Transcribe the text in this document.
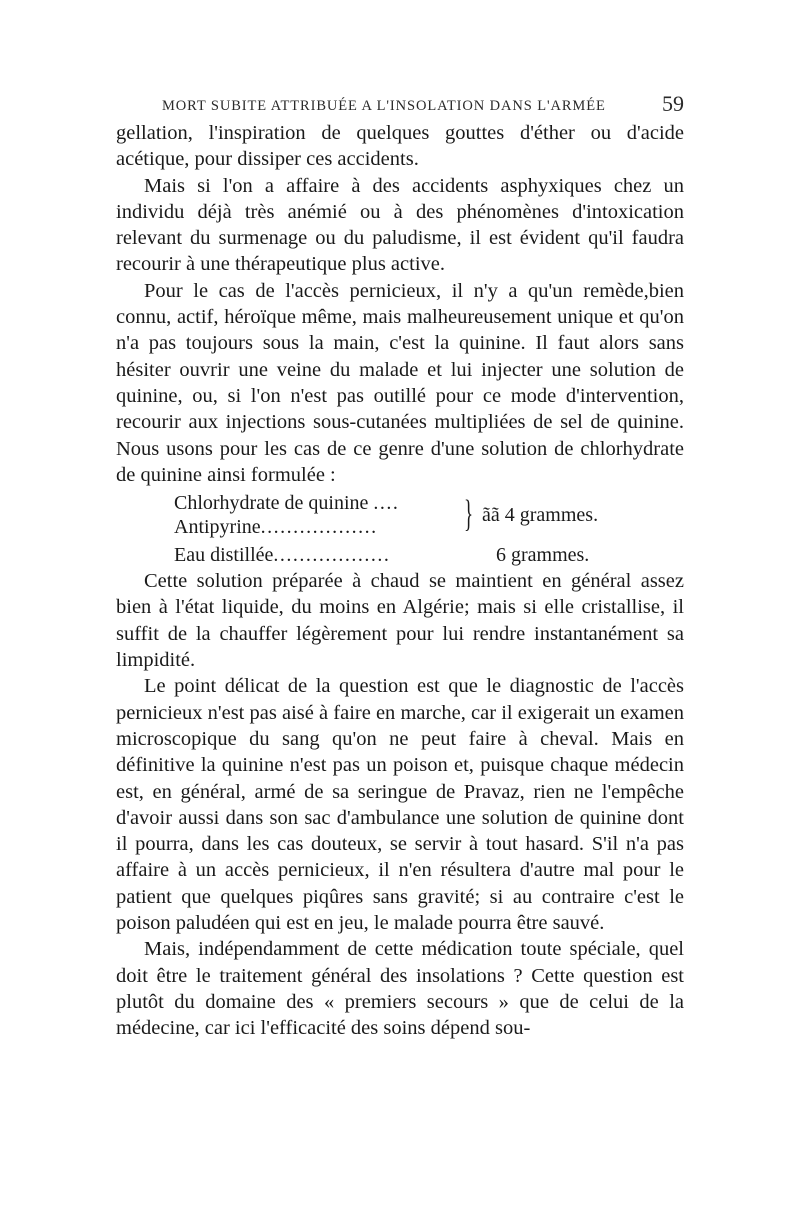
MORT SUBITE ATTRIBUÉE A L'INSOLATION DANS L'ARMÉE	59

gellation, l'inspiration de quelques gouttes d'éther ou d'acide acétique, pour dissiper ces accidents.

Mais si l'on a affaire à des accidents asphyxiques chez un individu déjà très anémié ou à des phénomènes d'intoxication relevant du surmenage ou du paludisme, il est évident qu'il faudra recourir à une thérapeutique plus active.

Pour le cas de l'accès pernicieux, il n'y a qu'un remède,bien connu, actif, héroïque même, mais malheureusement unique et qu'on n'a pas toujours sous la main, c'est la quinine. Il faut alors sans hésiter ouvrir une veine du malade et lui injecter une solution de quinine, ou, si l'on n'est pas outillé pour ce mode d'intervention, recourir aux injections sous-cutanées multipliées de sel de quinine. Nous usons pour les cas de ce genre d'une solution de chlorhydrate de quinine ainsi formulée :

Chlorhydrate de quinine ....
Antipyrine.................. } ãã 4 grammes.
Eau distillée..................	6 grammes.

Cette solution préparée à chaud se maintient en général assez bien à l'état liquide, du moins en Algérie; mais si elle cristallise, il suffit de la chauffer légèrement pour lui rendre instantanément sa limpidité.

Le point délicat de la question est que le diagnostic de l'accès pernicieux n'est pas aisé à faire en marche, car il exigerait un examen microscopique du sang qu'on ne peut faire à cheval. Mais en définitive la quinine n'est pas un poison et, puisque chaque médecin est, en général, armé de sa seringue de Pravaz, rien ne l'empêche d'avoir aussi dans son sac d'ambulance une solution de quinine dont il pourra, dans les cas douteux, se servir à tout hasard. S'il n'a pas affaire à un accès pernicieux, il n'en résultera d'autre mal pour le patient que quelques piqûres sans gravité; si au contraire c'est le poison paludéen qui est en jeu, le malade pourra être sauvé.

Mais, indépendamment de cette médication toute spéciale, quel doit être le traitement général des insolations ? Cette question est plutôt du domaine des « premiers secours » que de celui de la médecine, car ici l'efficacité des soins dépend sou-
